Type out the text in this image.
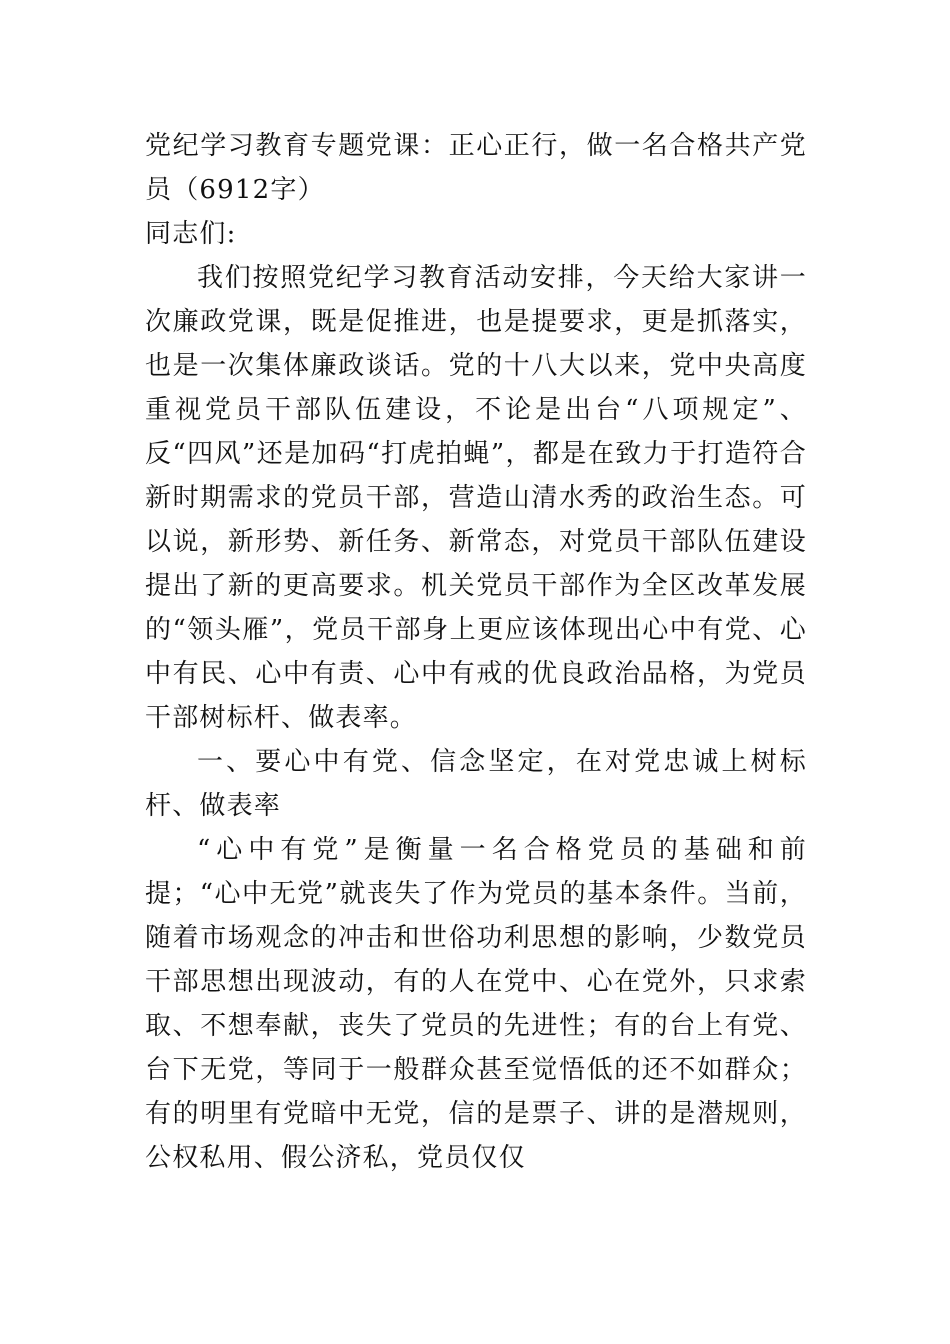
党纪学习教育专题党课：正心正行，做一名合格共产党员（6912字）

同志们:

我们按照党纪学习教育活动安排，今天给大家讲一次廉政党课，既是促推进，也是提要求，更是抓落实，也是一次集体廉政谈话。党的十八大以来，党中央高度重视党员干部队伍建设，不论是出台“八项规定”、反“四风”还是加码“打虎拍蝇”，都是在致力于打造符合新时期需求的党员干部，营造山清水秀的政治生态。可以说，新形势、新任务、新常态，对党员干部队伍建设提出了新的更高要求。机关党员干部作为全区改革发展的“领头雁”，党员干部身上更应该体现出心中有党、心中有民、心中有责、心中有戒的优良政治品格，为党员干部树标杆、做表率。

一、要心中有党、信念坚定，在对党忠诚上树标杆、做表率

“心中有党”是衡量一名合格党员的基础和前提；“心中无党”就丧失了作为党员的基本条件。当前，随着市场观念的冲击和世俗功利思想的影响，少数党员干部思想出现波动，有的人在党中、心在党外，只求索取、不想奉献，丧失了党员的先进性；有的台上有党、台下无党，等同于一般群众甚至觉悟低的还不如群众；有的明里有党暗中无党，信的是票子、讲的是潜规则，公权私用、假公济私，党员仅仅
